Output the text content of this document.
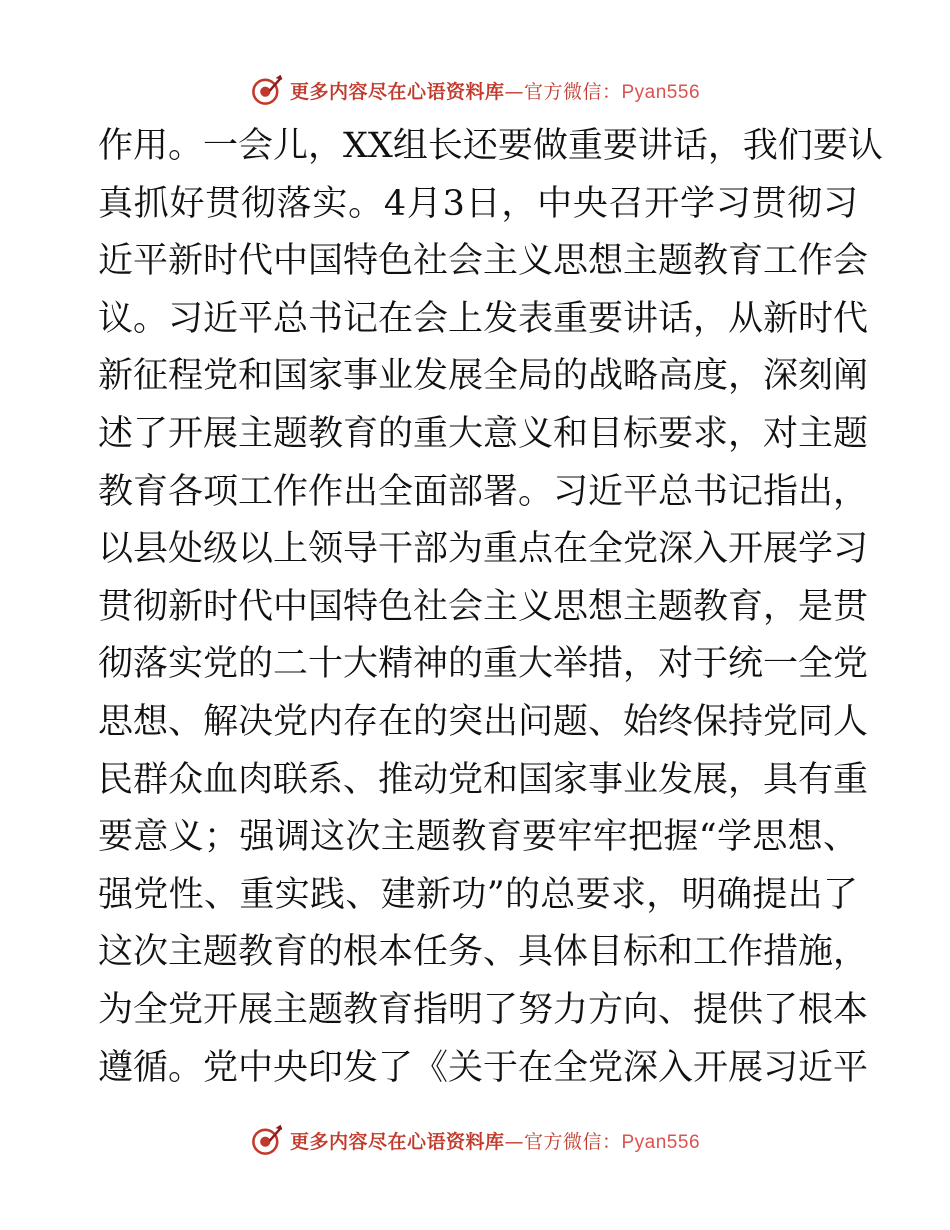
更多内容尽在心语资料库—官方微信：Pyan556
作用。一会儿，XX组长还要做重要讲话，我们要认
真抓好贯彻落实。4月3日，中央召开学习贯彻习
近平新时代中国特色社会主义思想主题教育工作会
议。习近平总书记在会上发表重要讲话，从新时代
新征程党和国家事业发展全局的战略高度，深刻阐
述了开展主题教育的重大意义和目标要求，对主题
教育各项工作作出全面部署。习近平总书记指出，
以县处级以上领导干部为重点在全党深入开展学习
贯彻新时代中国特色社会主义思想主题教育，是贯
彻落实党的二十大精神的重大举措，对于统一全党
思想、解决党内存在的突出问题、始终保持党同人
民群众血肉联系、推动党和国家事业发展，具有重
要意义；强调这次主题教育要牢牢把握“学思想、
强党性、重实践、建新功”的总要求，明确提出了
这次主题教育的根本任务、具体目标和工作措施，
为全党开展主题教育指明了努力方向、提供了根本
遵循。党中央印发了《关于在全党深入开展习近平
更多内容尽在心语资料库—官方微信：Pyan556
